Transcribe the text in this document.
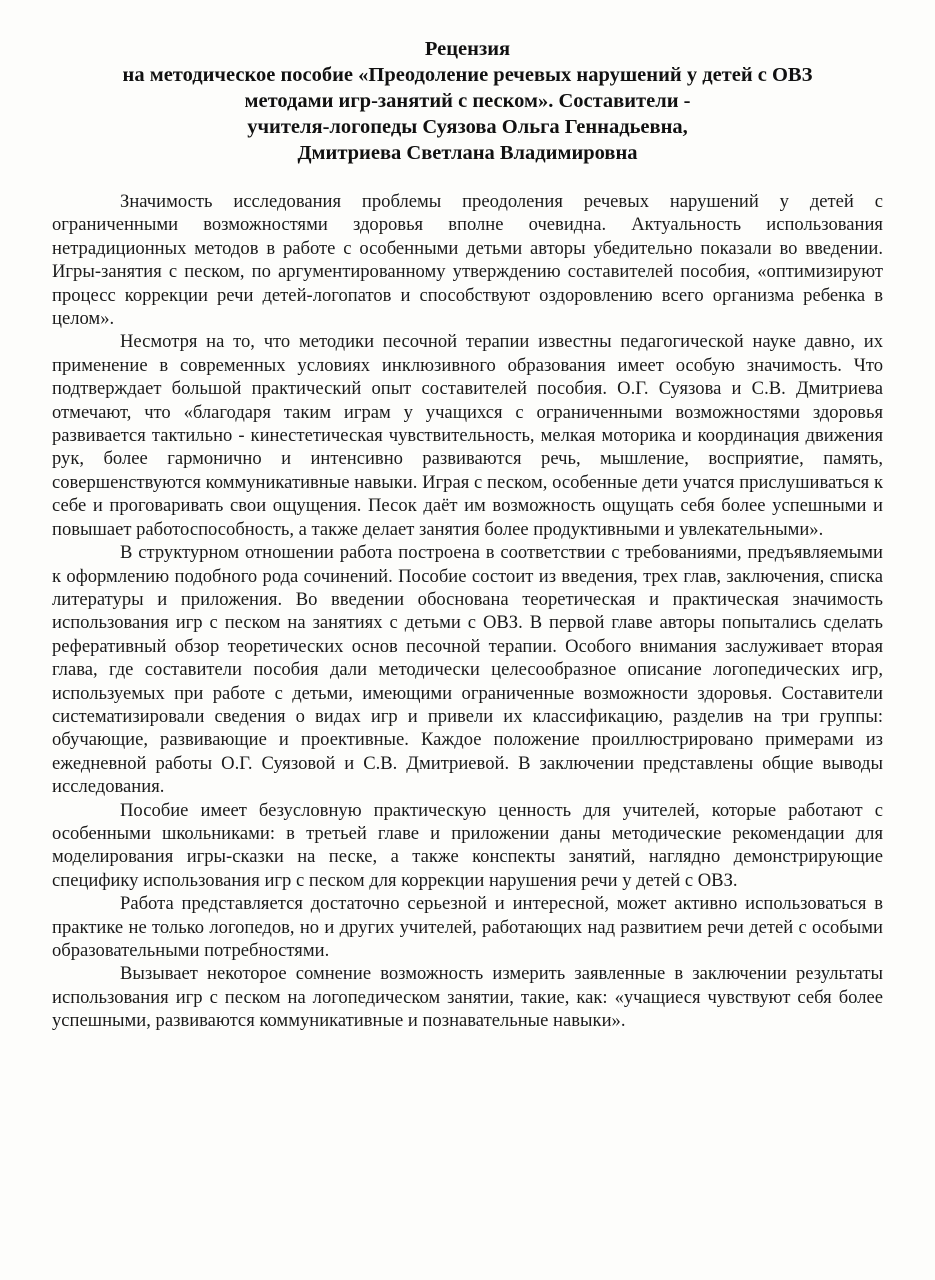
Рецензия
на методическое пособие «Преодоление речевых нарушений у детей с ОВЗ
методами игр-занятий с песком». Составители -
учителя-логопеды Суязова Ольга Геннадьевна,
Дмитриева Светлана Владимировна

Значимость исследования проблемы преодоления речевых нарушений у детей с ограниченными возможностями здоровья вполне очевидна. Актуальность использования нетрадиционных методов в работе с особенными детьми авторы убедительно показали во введении. Игры-занятия с песком, по аргументированному утверждению составителей пособия, «оптимизируют процесс коррекции речи детей-логопатов и способствуют оздоровлению всего организма ребенка в целом».

Несмотря на то, что методики песочной терапии известны педагогической науке давно, их применение в современных условиях инклюзивного образования имеет особую значимость. Что подтверждает большой практический опыт составителей пособия. О.Г. Суязова и С.В. Дмитриева отмечают, что «благодаря таким играм у учащихся с ограниченными возможностями здоровья развивается тактильно - кинестетическая чувствительность, мелкая моторика и координация движения рук, более гармонично и интенсивно развиваются речь, мышление, восприятие, память, совершенствуются коммуникативные навыки. Играя с песком, особенные дети учатся прислушиваться к себе и проговаривать свои ощущения. Песок даёт им возможность ощущать себя более успешными и повышает работоспособность, а также делает занятия более продуктивными и увлекательными».

В структурном отношении работа построена в соответствии с требованиями, предъявляемыми к оформлению подобного рода сочинений. Пособие состоит из введения, трех глав, заключения, списка литературы и приложения. Во введении обоснована теоретическая и практическая значимость использования игр с песком на занятиях с детьми с ОВЗ. В первой главе авторы попытались сделать реферативный обзор теоретических основ песочной терапии. Особого внимания заслуживает вторая глава, где составители пособия дали методически целесообразное описание логопедических игр, используемых при работе с детьми, имеющими ограниченные возможности здоровья. Составители систематизировали сведения о видах игр и привели их классификацию, разделив на три группы: обучающие, развивающие и проективные. Каждое положение проиллюстрировано примерами из ежедневной работы О.Г. Суязовой и С.В. Дмитриевой. В заключении представлены общие выводы исследования.

Пособие имеет безусловную практическую ценность для учителей, которые работают с особенными школьниками: в третьей главе и приложении даны методические рекомендации для моделирования игры-сказки на песке, а также конспекты занятий, наглядно демонстрирующие специфику использования игр с песком для коррекции нарушения речи у детей с ОВЗ.

Работа представляется достаточно серьезной и интересной, может активно использоваться в практике не только логопедов, но и других учителей, работающих над развитием речи детей с особыми образовательными потребностями.

Вызывает некоторое сомнение возможность измерить заявленные в заключении результаты использования игр с песком на логопедическом занятии, такие, как: «учащиеся чувствуют себя более успешными, развиваются коммуникативные и познавательные навыки».
